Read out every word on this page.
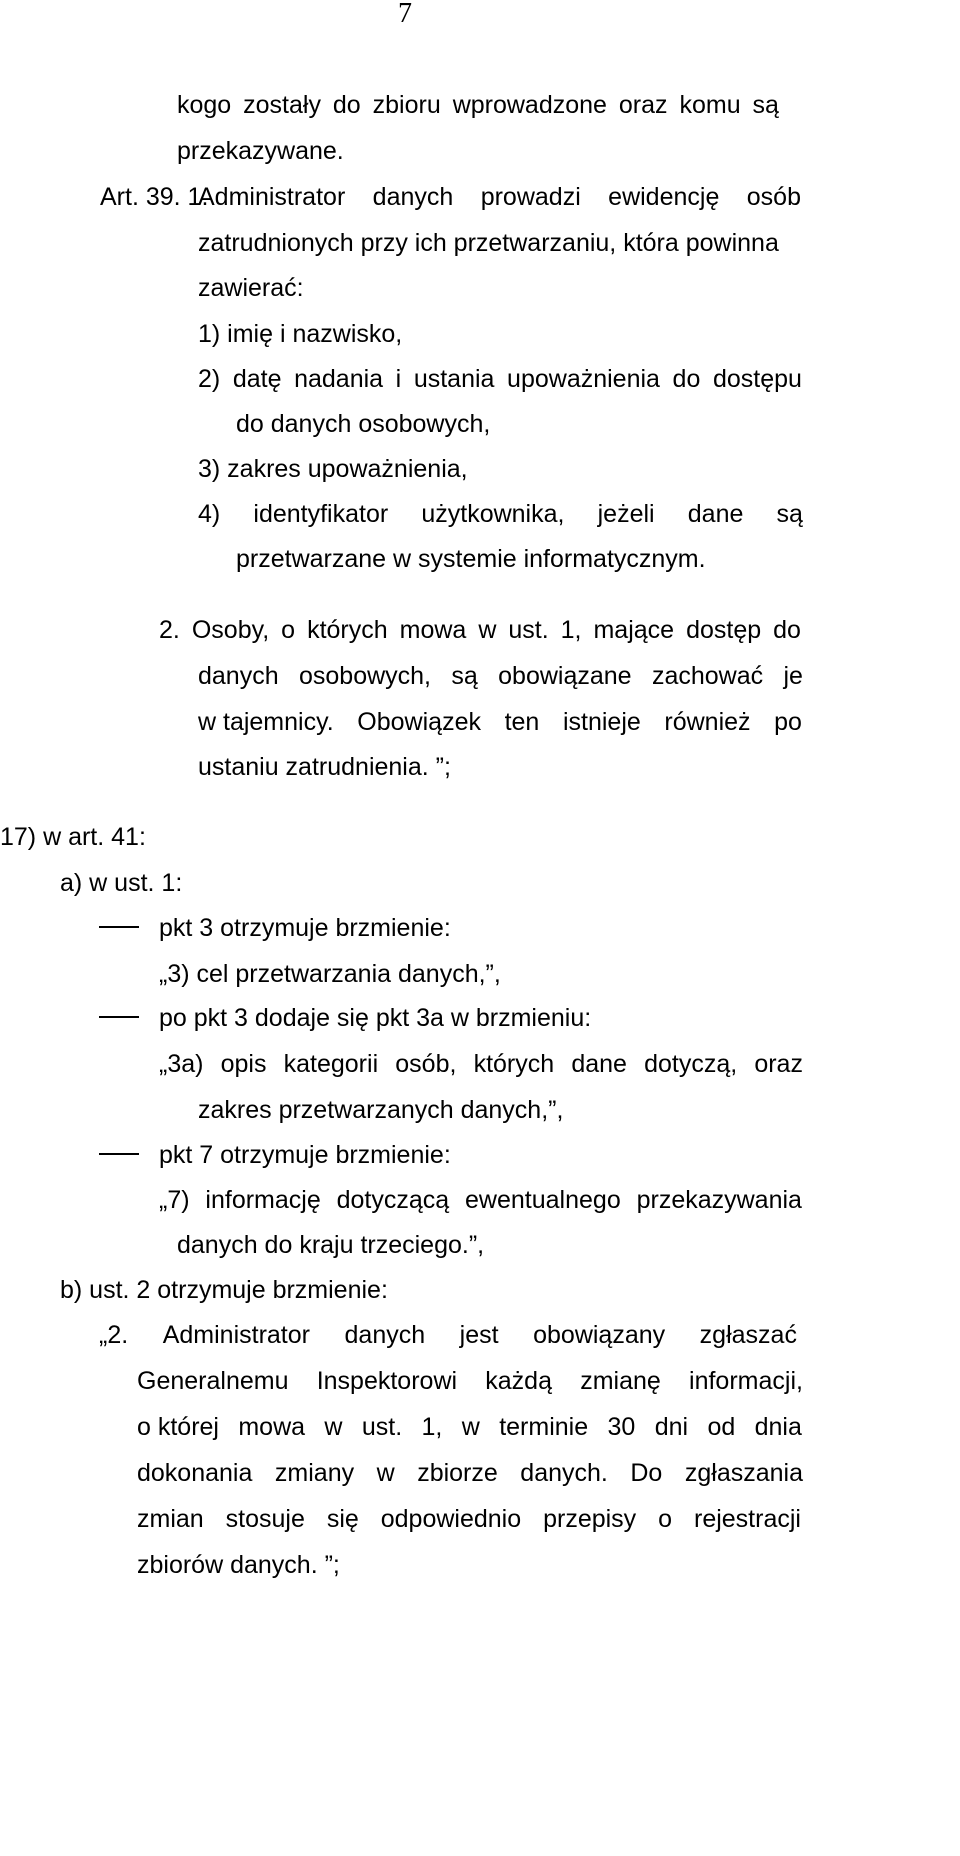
7
kogo zostały do zbioru wprowadzone oraz komu są
przekazywane.
Art. 39. 1.
Administrator danych prowadzi ewidencję osób
zatrudnionych przy ich przetwarzaniu, która powinna
zawierać:
1) imię i nazwisko,
2) datę nadania i ustania upoważnienia do dostępu
do danych osobowych,
3) zakres upoważnienia,
4) identyfikator użytkownika, jeżeli dane są
przetwarzane w systemie informatycznym.
2. Osoby, o których mowa w ust. 1, mające dostęp do
danych osobowych, są obowiązane zachować je
w tajemnicy. Obowiązek ten istnieje również po
ustaniu zatrudnienia. ”;
17) w art. 41:
a) w ust. 1:
pkt 3 otrzymuje brzmienie:
„3) cel przetwarzania danych,”,
po pkt 3 dodaje się pkt 3a w brzmieniu:
„3a) opis kategorii osób, których dane dotyczą, oraz
zakres przetwarzanych danych,”,
pkt 7 otrzymuje brzmienie:
„7) informację dotyczącą ewentualnego przekazywania
danych do kraju trzeciego.”,
b) ust. 2 otrzymuje brzmienie:
„2. Administrator danych jest obowiązany zgłaszać
Generalnemu Inspektorowi każdą zmianę informacji,
o której mowa w ust. 1, w terminie 30 dni od dnia
dokonania zmiany w zbiorze danych. Do zgłaszania
zmian stosuje się odpowiednio przepisy o rejestracji
zbiorów danych. ”;
